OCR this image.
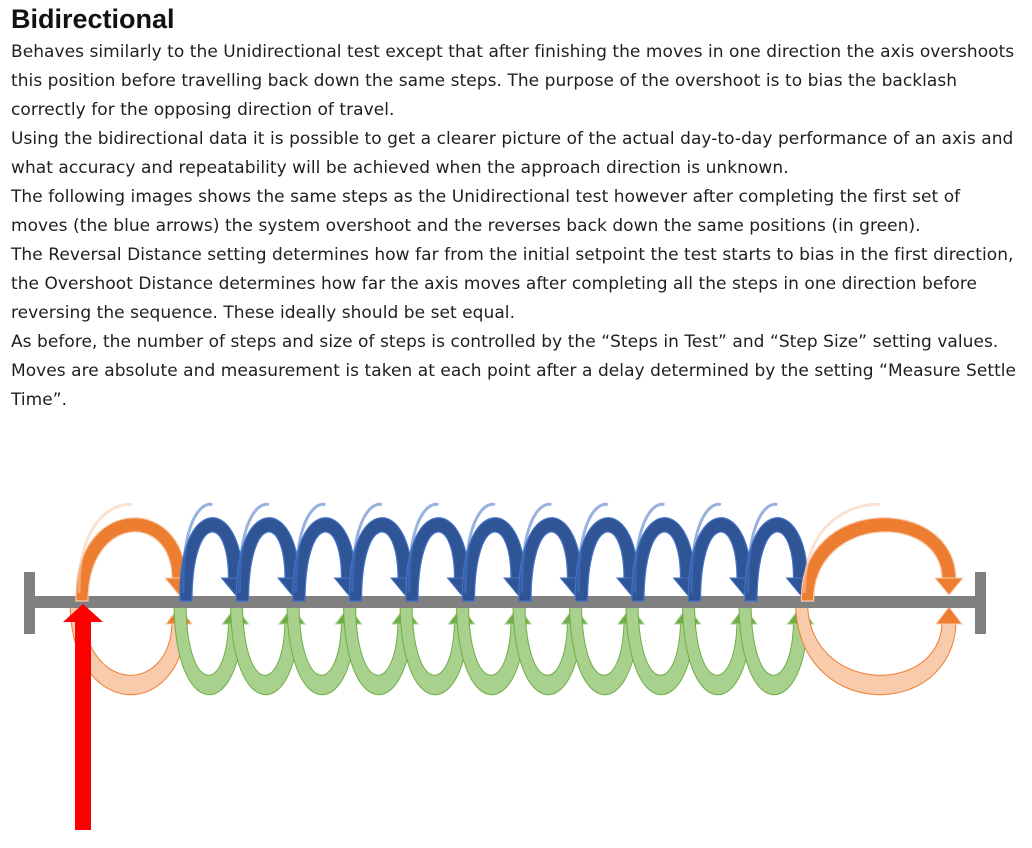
Bidirectional

Behaves similarly to the Unidirectional test except that after finishing the moves in one direction the axis overshoots this position before travelling back down the same steps. The purpose of the overshoot is to bias the backlash correctly for the opposing direction of travel.

Using the bidirectional data it is possible to get a clearer picture of the actual day-to-day performance of an axis and what accuracy and repeatability will be achieved when the approach direction is unknown.

The following images shows the same steps as the Unidirectional test however after completing the first set of moves (the blue arrows) the system overshoot and the reverses back down the same positions (in green).

The Reversal Distance setting determines how far from the initial setpoint the test starts to bias in the first direction, the Overshoot Distance determines how far the axis moves after completing all the steps in one direction before reversing the sequence. These ideally should be set equal.

As before, the number of steps and size of steps is controlled by the “Steps in Test” and “Step Size” setting values.

Moves are absolute and measurement is taken at each point after a delay determined by the setting “Measure Settle Time”.
